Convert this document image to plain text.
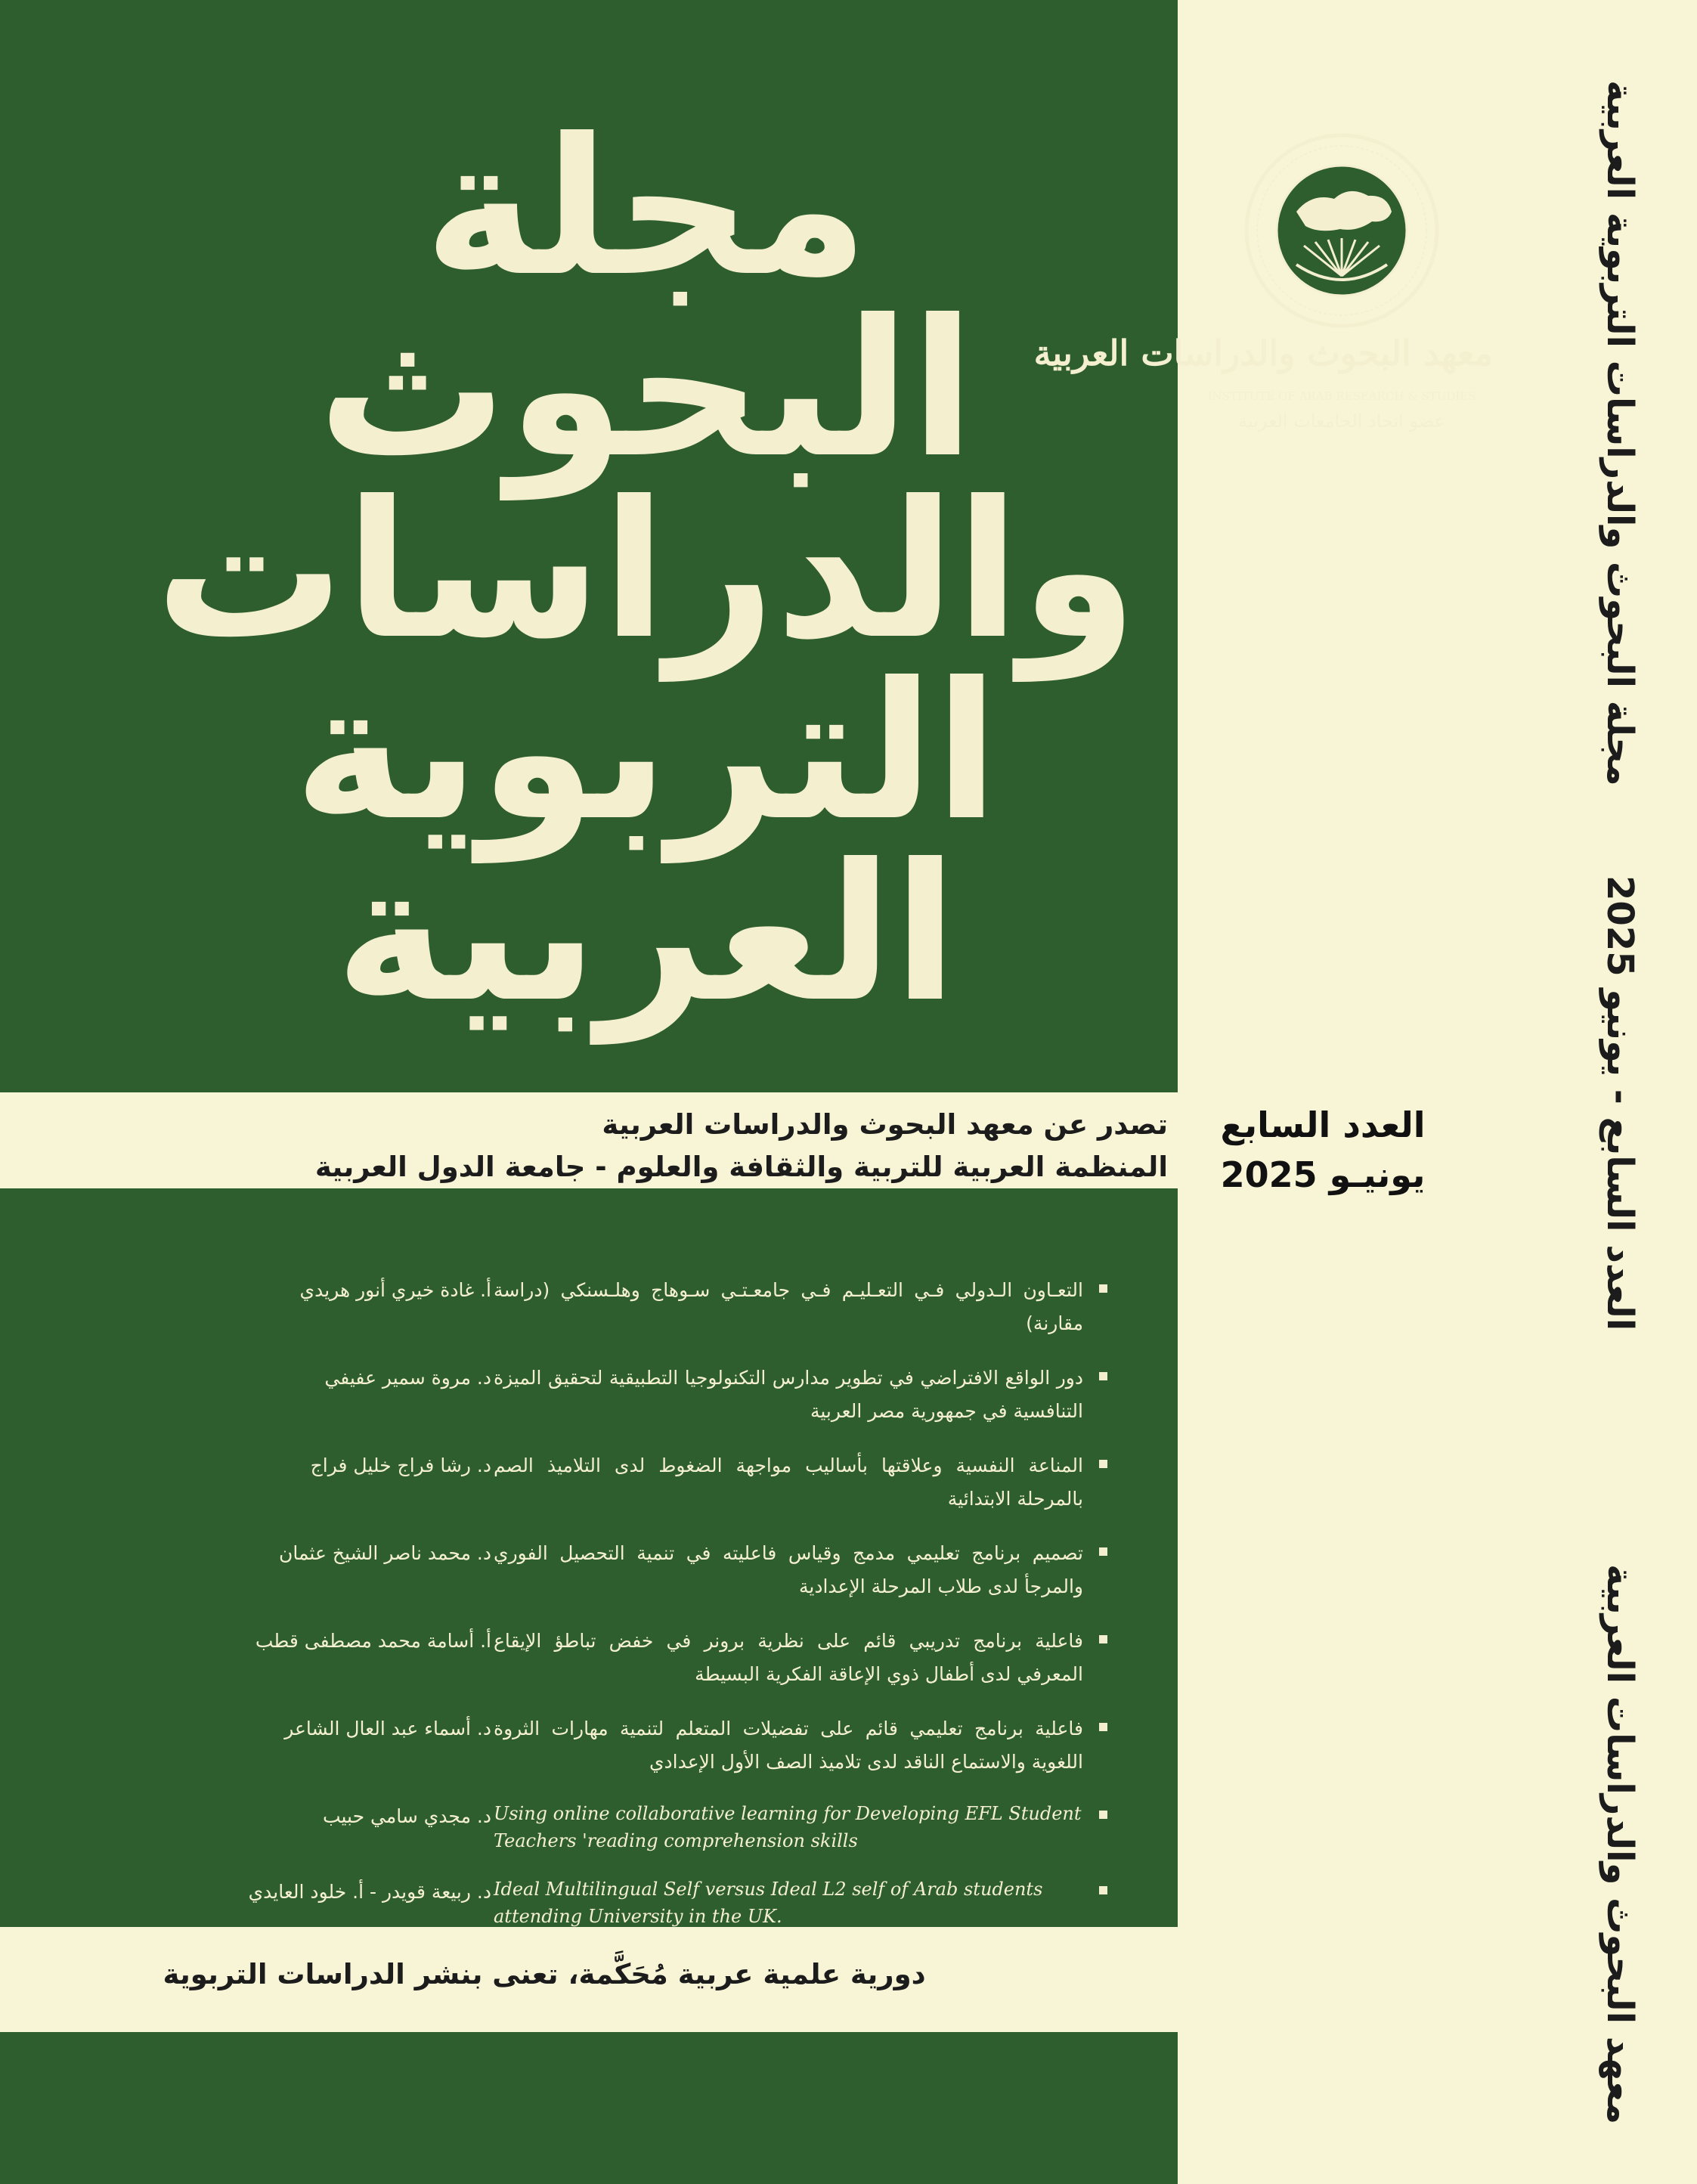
مجلة
البحوث
والدراسات
التربوية
العربية
معهد البحوث والدراسات العربية
INSTITUTE OF ARAB RESEARCH & STUDIES
عضو اتحاد الجامعات العربية
تصدر عن معهد البحوث والدراسات العربية
المنظمة العربية للتربية والثقافة والعلوم - جامعة الدول العربية
العدد السابع
يونيـو 2025
التعـاون الـدولي فـي التعـليـم فـي جامعـتـي سـوهاج وهلـسنكي (دراسة مقارنة)
أ. غادة خيري أنور هريدي
دور الواقع الافتراضي في تطوير مدارس التكنولوجيا التطبيقية لتحقيق الميزة التنافسية في جمهورية مصر العربية
د. مروة سمير عفيفي
المناعة النفسية وعلاقتها بأساليب مواجهة الضغوط لدى التلاميذ الصم بالمرحلة الابتدائية
د. رشا فراج خليل فراج
تصميم برنامج تعليمي مدمج وقياس فاعليته في تنمية التحصيل الفوري والمرجأ لدى طلاب المرحلة الإعدادية
د. محمد ناصر الشيخ عثمان
فاعلية برنامج تدريبي قائم على نظرية برونر في خفض تباطؤ الإيقاع المعرفي لدى أطفال ذوي الإعاقة الفكرية البسيطة
أ. أسامة محمد مصطفى قطب
فاعلية برنامج تعليمي قائم على تفضيلات المتعلم لتنمية مهارات الثروة اللغوية والاستماع الناقد لدى تلاميذ الصف الأول الإعدادي
د. أسماء عبد العال الشاعر
Using online collaborative learning for Developing EFL Student Teachers 'reading comprehension skills
د. مجدي سامي حبيب
Ideal Multilingual Self versus Ideal L2 self of Arab students attending University in the UK.
د. ربيعة قويدر - أ. خلود العايدي
دورية علمية عربية مُحَكَّمة، تعنى بنشر الدراسات التربوية
مجلة البحوث والدراسات التربوية العربية
العدد السابع - يونيو 2025
معهد البحوث والدراسات العربية
